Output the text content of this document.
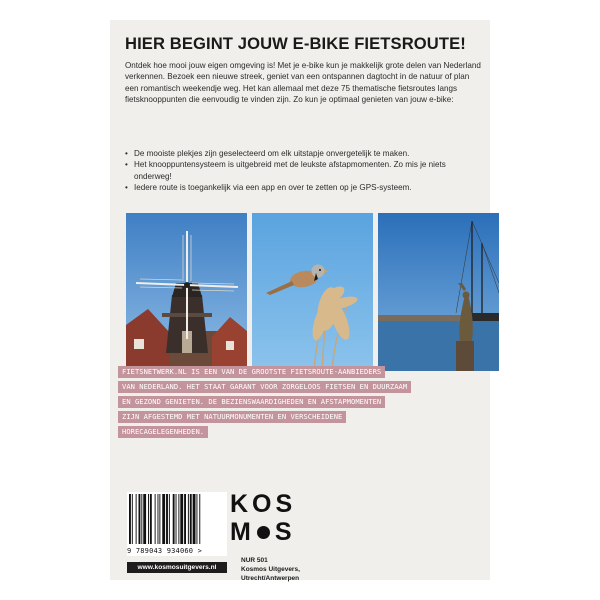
HIER BEGINT JOUW E-BIKE FIETSROUTE!
Ontdek hoe mooi jouw eigen omgeving is! Met je e-bike kun je makkelijk grote delen van Nederland verkennen. Bezoek een nieuwe streek, geniet van een ontspannen dagtocht in de natuur of plan een romantisch weekendje weg. Het kan allemaal met deze 75 thematische fietsroutes langs fietsknooppunten die eenvoudig te vinden zijn. Zo kun je optimaal genieten van jouw e-bike:
• De mooiste plekjes zijn geselecteerd om elk uitstapje onvergetelijk te maken.
• Het knooppuntensysteem is uitgebreid met de leukste afstapmomenten. Zo mis je niets onderweg!
• Iedere route is toegankelijk via een app en over te zetten op je GPS-systeem.
FIETSNETWERK.NL IS EEN VAN DE GROOTSTE FIETSROUTE-AANBIEDERS
VAN NEDERLAND. HET STAAT GARANT VOOR ZORGELOOS FIETSEN EN DUURZAAM
EN GEZOND GENIETEN. DE BEZIENSWAARDIGHEDEN EN AFSTAPMOMENTEN
ZIJN AFGESTEMD MET NATUURMONUMENTEN EN VERSCHEIDENE
HORECAGELEGENHEDEN.
9 789043 934060 >
www.kosmosuitgevers.nl
KOS
M S
NUR 501
Kosmos Uitgevers,
Utrecht/Antwerpen
